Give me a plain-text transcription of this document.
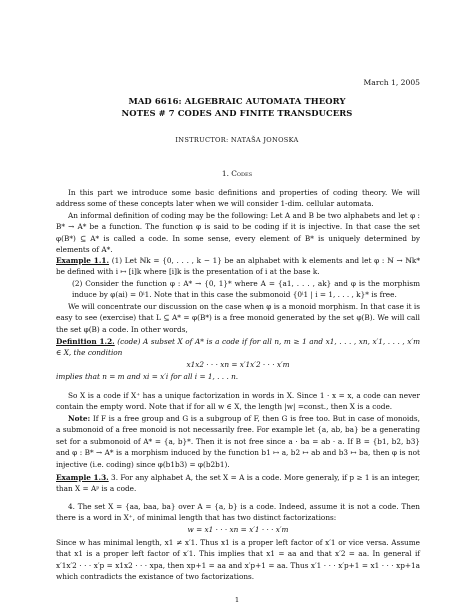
March 1, 2005
MAD 6616: ALGEBRAIC AUTOMATA THEORY
NOTES # 7 CODES AND FINITE TRANSDUCERS
INSTRUCTOR: NATAŠA JONOSKA
1. Codes
In this part we introduce some basic definitions and properties of coding theory. We will address some of these concepts later when we will consider 1-dim. cellular automata.
An informal definition of coding may be the following: Let A and B be two alphabets and let φ : B* → A* be a function. The function φ is said to be coding if it is injective. In that case the set φ(B*) ⊆ A* is called a code. In some sense, every element of B* is uniquely determined by elements of A*.
Example 1.1. (1) Let ℕk = {0, . . . , k − 1} be an alphabet with k elements and let φ : ℕ → ℕk* be defined with i ↦ [i]k where [i]k is the presentation of i at the base k.
(2) Consider the function φ : A* → {0, 1}* where A = {a1, . . . , ak} and φ is the morphism induce by φ(ai) = 0ⁱ1. Note that in this case the submonoid {0ⁱ1 | i = 1, . . . , k}* is free.
We will concentrate our discussion on the case when φ is a monoid morphism. In that case it is easy to see (exercise) that L ⊆ A* = φ(B*) is a free monoid generated by the set φ(B). We will call the set φ(B) a code. In other words,
Definition 1.2. (code) A subset X of A* is a code if for all n, m ≥ 1 and x1, . . . , xn, x′1, . . . , x′m ∈ X, the condition
x1x2 · · · xn = x′1x′2 · · · x′m
implies that n = m and xi = x′i for all i = 1, . . . n.
So X is a code if X⁺ has a unique factorization in words in X. Since 1 · x = x, a code can never contain the empty word. Note that if for all w ∈ X, the length |w| =const., then X is a code.
Note: If F is a free group and G is a subgroup of F, then G is free too. But in case of monoids, a submonoid of a free monoid is not necessarily free. For example let {a, ab, ba} be a generating set for a submonoid of A* = {a, b}*. Then it is not free since a · ba = ab · a. If B = {b1, b2, b3} and φ : B* → A* is a morphism induced by the function b1 ↦ a, b2 ↦ ab and b3 ↦ ba, then φ is not injective (i.e. coding) since φ(b1b3) = φ(b2b1).
Example 1.3. 3. For any alphabet A, the set X = A is a code. More generaly, if p ≥ 1 is an integer, than X = Aᵖ is a code.
4. The set X = {aa, baa, ba} over A = {a, b} is a code. Indeed, assume it is not a code. Then there is a word in X⁺, of minimal length that has two distinct factorizations:
w = x1 · · · xn = x′1 · · · x′m
Since w has minimal length, x1 ≠ x′1. Thus x1 is a proper left factor of x′1 or vice versa. Assume that x1 is a proper left factor of x′1. This implies that x1 = aa and that x′2 = aa. In general if x′1x′2 · · · x′p = x1x2 · · · xpa, then xp+1 = aa and x′p+1 = aa. Thus x′1 · · · x′p+1 = x1 · · · xp+1a which contradicts the existance of two factorizations.
1
